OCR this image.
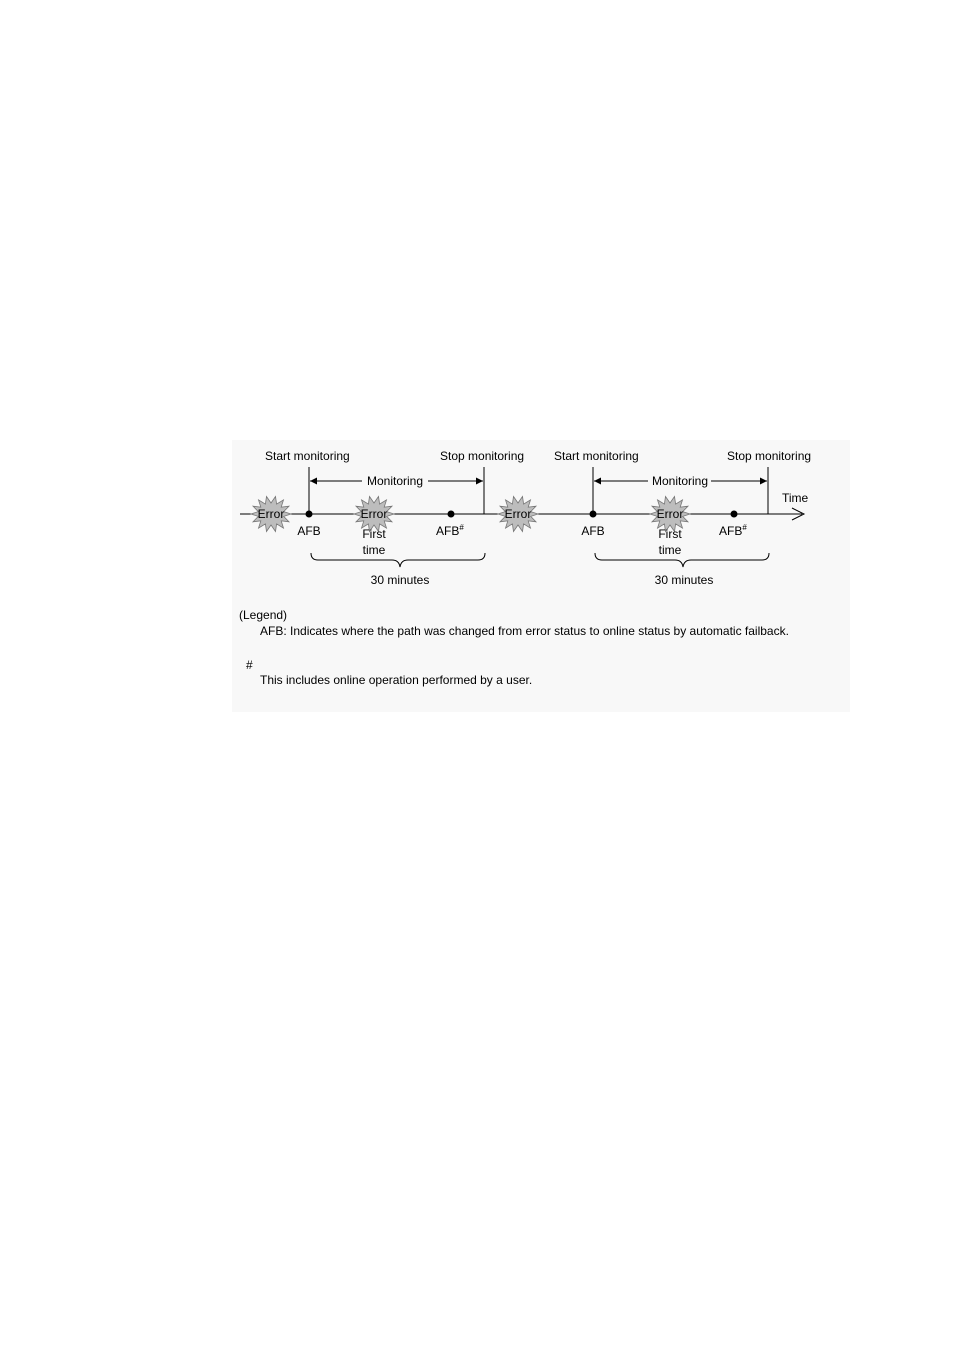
Time
Error	Error
Start monitoring	Stop monitoring
Monitoring
AFB
Error
First
time
AFB#
30 minutes
Start monitoring	Stop monitoring
Monitoring
AFB
Error
First
time
AFB#
30 minutes
(Legend)
AFB: Indicates where the path was changed from error status to online status by automatic failback.
#
This includes online operation performed by a user.
